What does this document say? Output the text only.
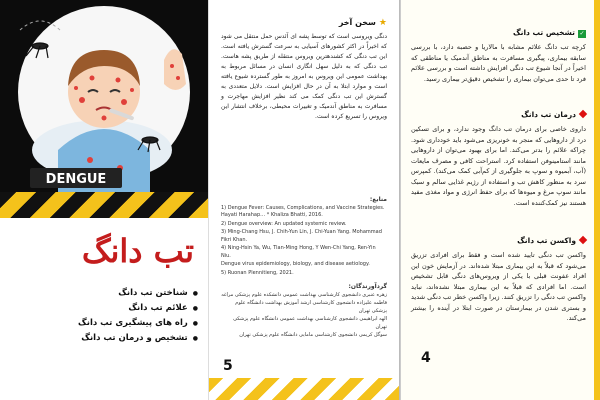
DENGUE
تب دانگ
● شناختن تب دانگ
● علائم تب دانگ
● راه های پیشگیری تب دانگ
● تشخیص و درمان تب دانگ
★سخن آخر

دنگی ویروسی است که توسط پشه ای آئدس حمل منتقل می شود که اخیراً در اکثر کشورهای آسیایی به سرعت گسترش یافته است. این تب دنگی که کشندهترین ویروس منتقله از طریق پشه هاست. تب دنگی که به دلیل سهل انگاری انسان در مسائل مربوط به بهداشت عمومی این ویروس به امروز به طور گسترده شیوع یافته است و موارد ابتلا به آن در حال افزایش است. دلایل متعددی به گسترش این تب دنگی کمک می کند نظیر افزایش مهاجرت و مسافرت به مناطق آندمیک و تغییرات محیطی، برخلاف انتشار این ویروس را تسریع کرده است.

منابع:
1) Dengue Fever: Causes, Complications, and Vaccine Strategies. Hayati Harahap… * Khaliza Bhatti, 2016.
2) Dengue overview: An updated systemic review.
3) Ming-Chang Hsu, J. Chih-Yun Lin, J. Chi-Yuan Yang. Mohammad Fikri Khan.
4) Ning-Hsin Ya, Wu, Tian-Ming Hong, Y Wen-Chi Yang, Ren-Yin Niu.
Dengue virus epidemiology, biology, and disease aetiology.
5) Ruonan Plennitieng, 2021.
گردآورندگان:
زهره عنبری دانشجوی کارشناسی بهداشت عمومی دانشکده علوم پزشکی مراغه
فاطمه علیزاده دانشجوی کارشناسی ارشد آموزش بهداشت دانشگاه علوم پزشکی تهران
الهه ابراهیمی دانشجوی کارشناسی بهداشت عمومی دانشگاه علوم پزشکی تهران
سوگل کریمی دانشجوی کارشناسی مامایی دانشگاه علوم پزشکی تهران
5
✓تشخیص تب دانگ

کرچه تب دانگ علائم مشابه با مالاریا و حصبه دارد، با بررسی سابقه بیماری، پیگیری مسافرت به مناطق آندمیک یا مناطقی که اخیراً در آنجا شیوع تب دنگی افزایش داشته است و بررسی علائم فرد تا حدی می‌توان بیماری را تشخیص دقیق‌تر بیماری رسید.

درمان تب دانگ

داروی خاصی برای درمان تب دانگ وجود ندارد، و برای تسکین درد از داروهایی که منجر به خونریزی می‌شود باید خودداری شود. چراکه علائم را بدتر می‌کند. اما برای بهبود می‌توان از داروهایی مانند استامینوفن استفاده کرد. استراحت کافی و مصرف مایعات (آب، آبمیوه و سوپ به جلوگیری از کم‌آبی کمک می‌کند). کمپرس سرد به منظور کاهش تب و استفاده از رژیم غذایی سالم و سبک مانند سوپ مرغ و میوه‌ها که برای حفظ انرژی و مواد مغذی مفید هستند نیز کمک‌کننده است.

واکسن تب دانگ

واکسن تب دنگی تایید شده است و فقط برای افرادی تزریق می‌شود که قبلاً به این بیماری مبتلا شده‌اند. در آزمایش خون این افراد عفونت قبلی با یکی از ویروس‌های دنگی قابل تشخیص است. اما افرادی که قبلاً به این بیماری مبتلا نشده‌اند، نباید واکسن تب دنگی را تزریق کنند. زیرا واکسن خطر تب دنگی شدید و بستری شدن در بیمارستان در صورت ابتلا در آینده را بیشتر می‌کند.

4
